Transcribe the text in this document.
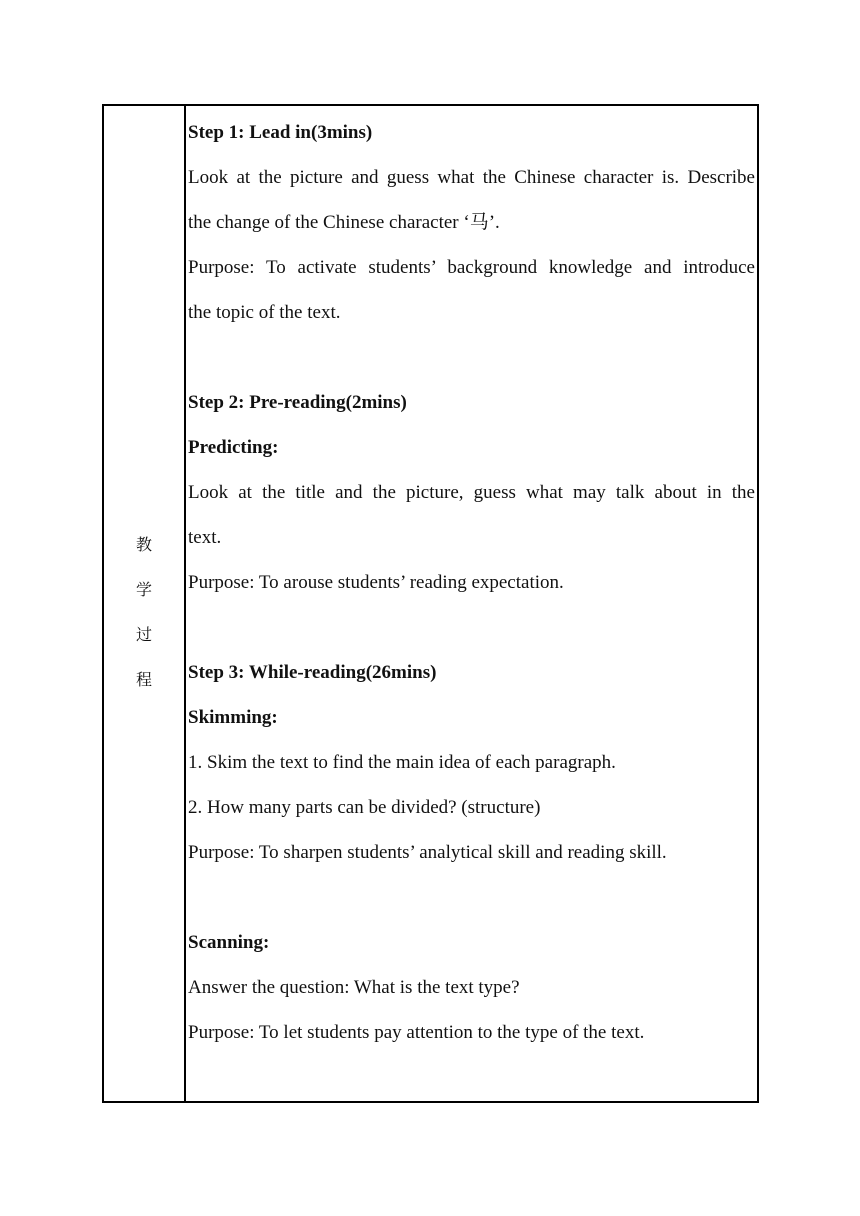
教
学
过
程
Step 1: Lead in(3mins)
Look at the picture and guess what the Chinese character is. Describe
the change of the Chinese character ‘马’.
Purpose: To activate students’ background knowledge and introduce
the topic of the text.
Step 2: Pre-reading(2mins)
Predicting:
Look at the title and the picture, guess what may talk about in the
text.
Purpose: To arouse students’ reading expectation.
Step 3: While-reading(26mins)
Skimming:
1. Skim the text to find the main idea of each paragraph.
2. How many parts can be divided? (structure)
Purpose: To sharpen students’ analytical skill and reading skill.
Scanning:
Answer the question: What is the text type?
Purpose: To let students pay attention to the type of the text.
